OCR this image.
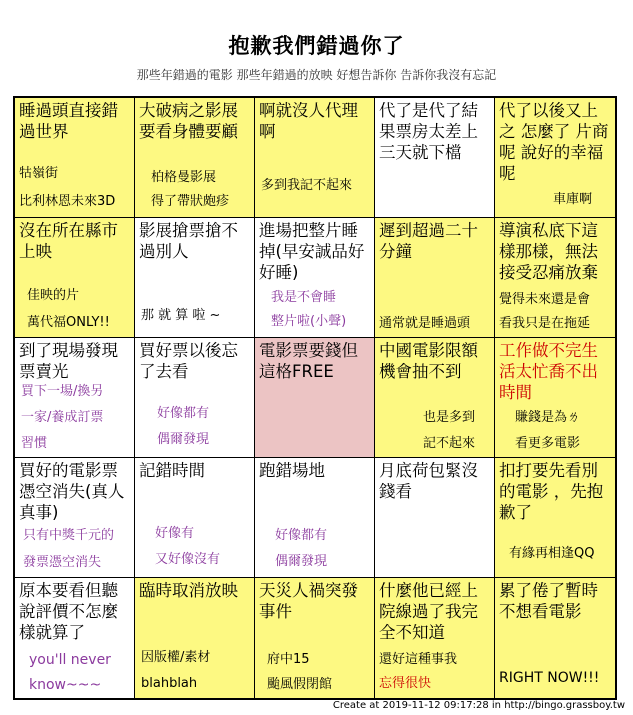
抱歉我們錯過你了
那些年錯過的電影 那些年錯過的放映 好想告訴你 告訴你我沒有忘記
睡過頭直接錯過世界
牯嶺街
比利林恩未來3D
大破病之影展要看身體要顧
柏格曼影展
得了帶狀皰疹
啊就沒人代理啊
多到我記不起來
代了是代了結果票房太差上三天就下檔
代了以後又上之 怎麼了 片商呢 說好的幸福呢
車庫啊
沒在所在縣市上映
佳映的片
萬代福ONLY!!
影展搶票搶不過別人
那 就 算 啦 ~
進場把整片睡掉(早安誠品好好睡)
我是不會睡
整片啦(小聲)
遲到超過二十分鐘
通常就是睡過頭
導演私底下這樣那樣，無法接受忍痛放棄
覺得未來還是會
看我只是在拖延
到了現場發現票賣光
買下一場/換另
一家/養成訂票
習慣
買好票以後忘了去看
好像都有
偶爾發現
電影票要錢但這格FREE
中國電影限額機會抽不到
也是多到
記不起來
工作做不完生活太忙喬不出時間
賺錢是為ㄌ
看更多電影
買好的電影票憑空消失(真人真事)
只有中獎千元的
發票憑空消失
記錯時間
好像有
又好像沒有
跑錯場地
好像都有
偶爾發現
月底荷包緊沒錢看
扣打要先看別的電影 ，先抱歉了
有緣再相逢QQ
原本要看但聽說評價不怎麼樣就算了
you'll never
know~~~
臨時取消放映
因版權/素材
blahblah
天災人禍突發事件
府中15
颱風假閉館
什麼他已經上院線過了我完全不知道
還好這種事我
忘得很快
累了倦了暫時不想看電影
RIGHT NOW!!!
Create at 2019-11-12 09:17:28 in http://bingo.grassboy.tw
